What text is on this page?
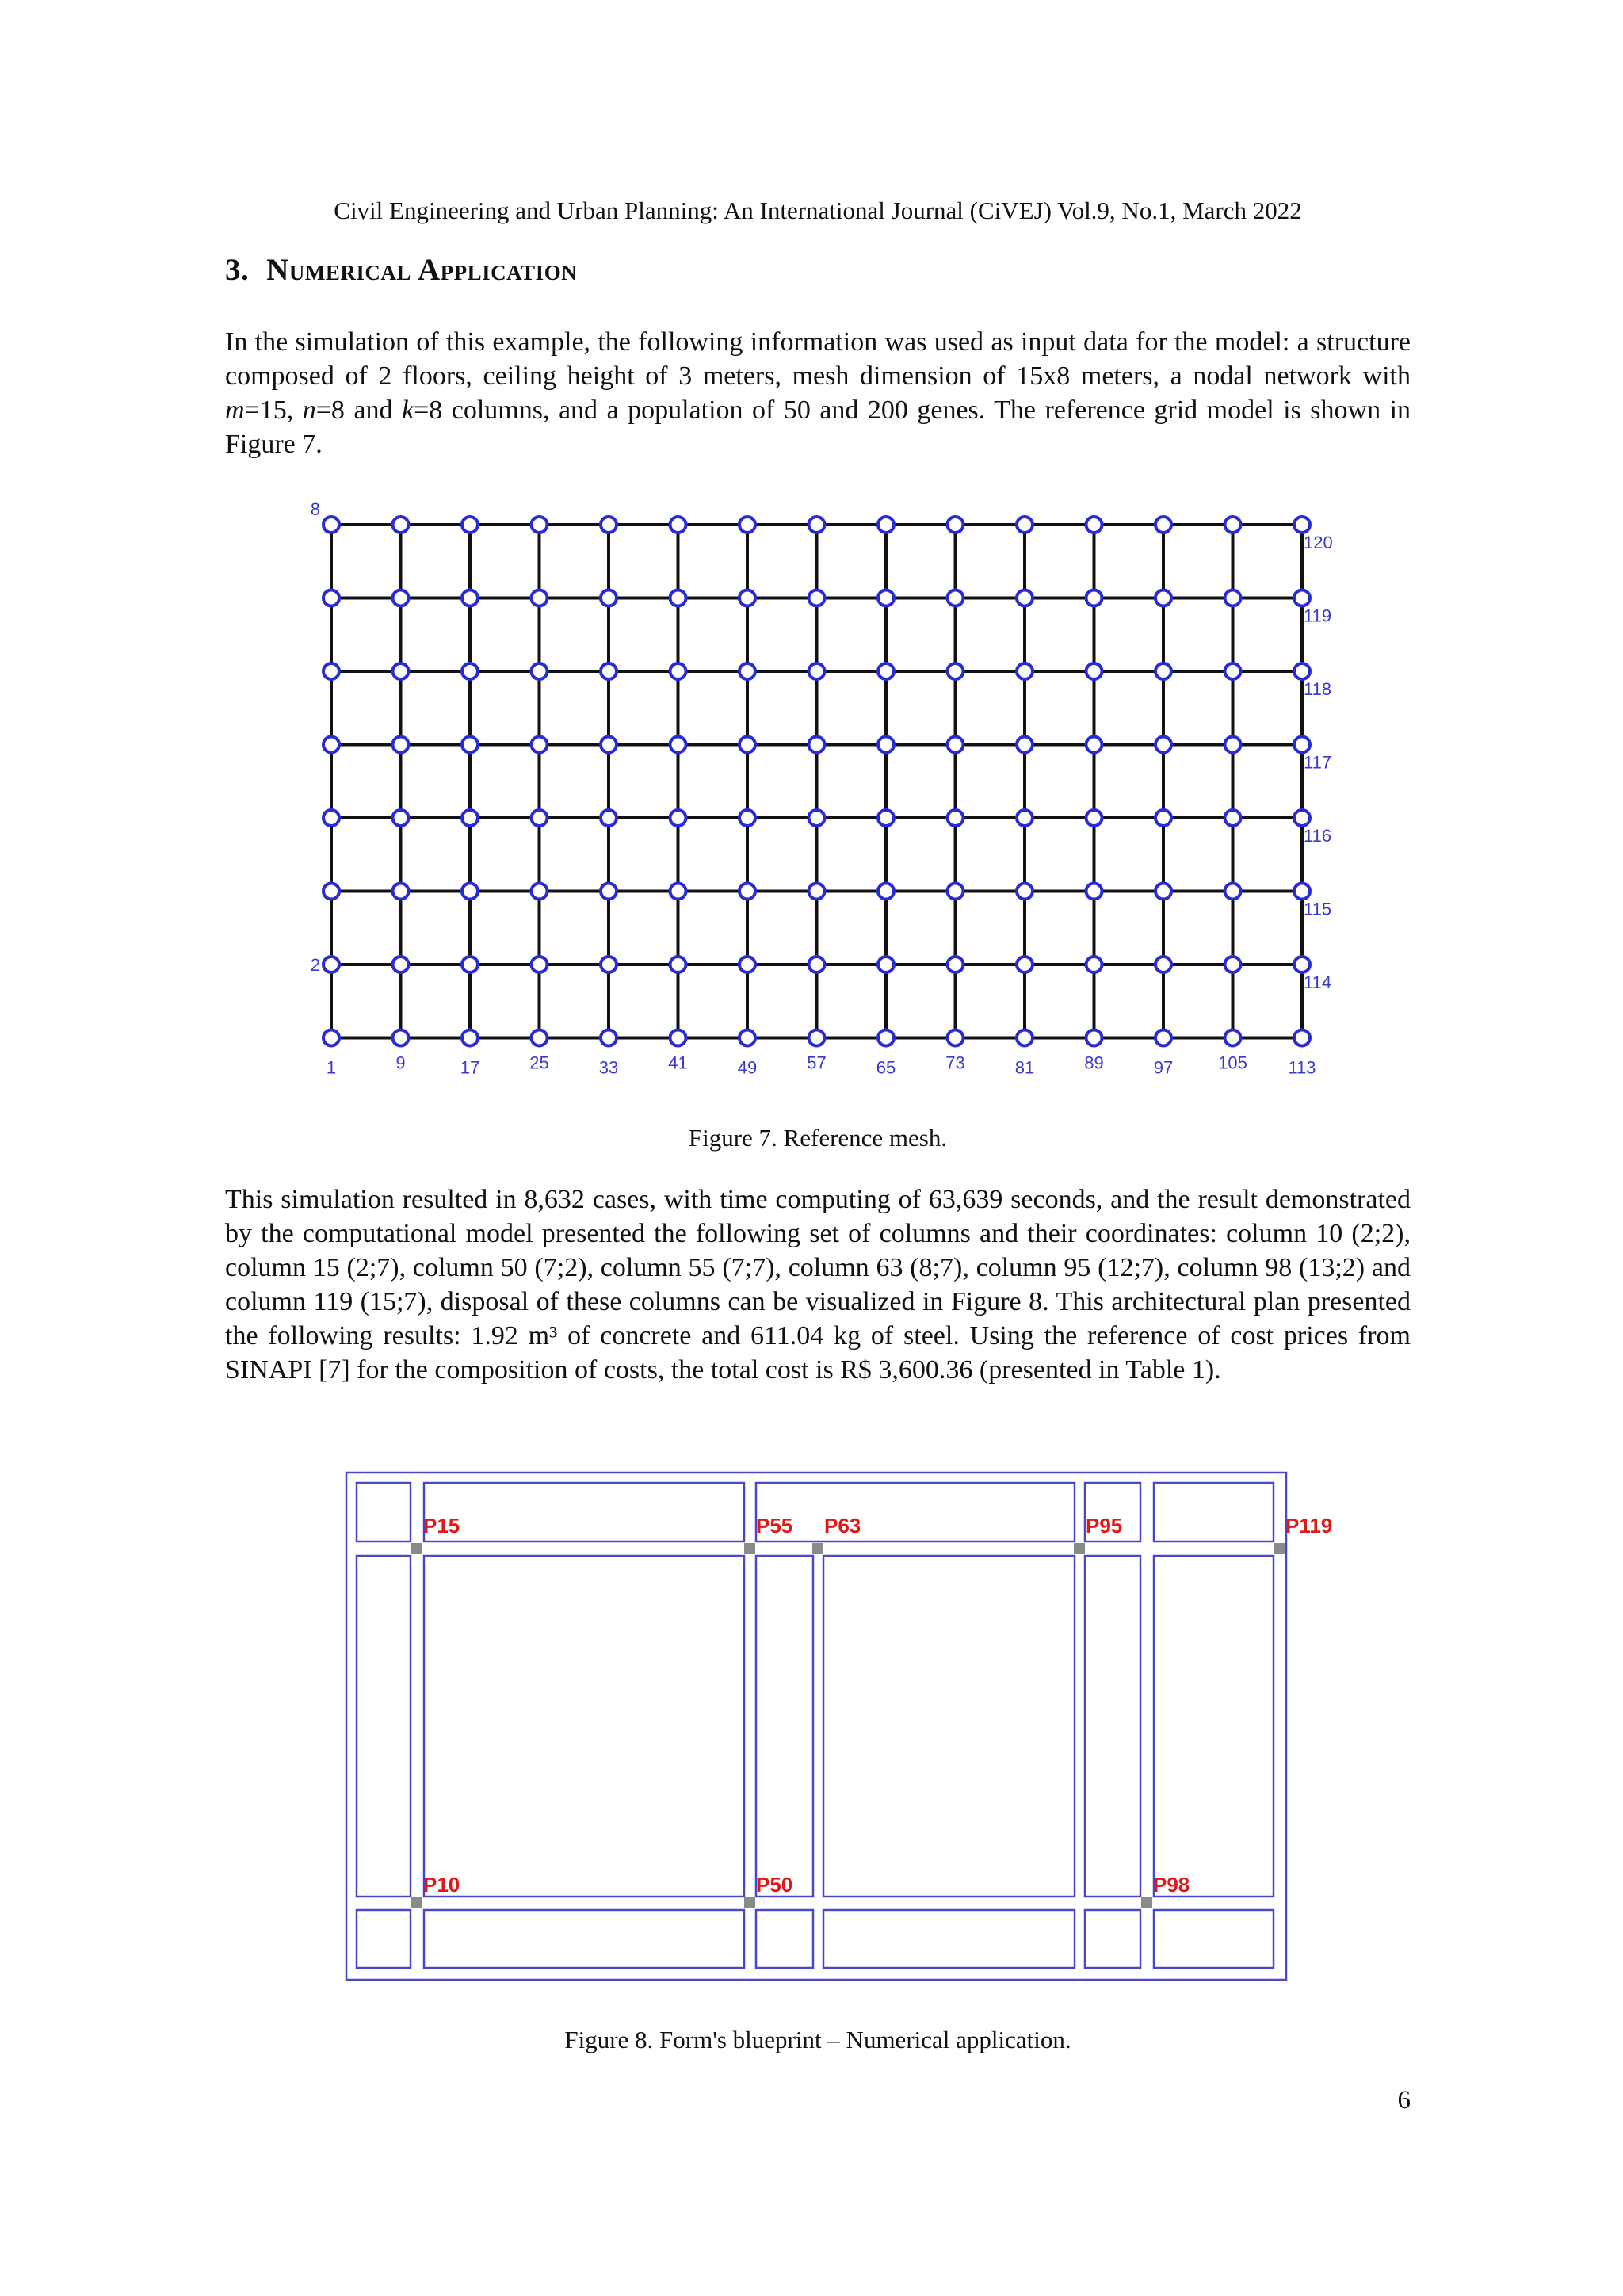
Civil Engineering and Urban Planning: An International Journal (CiVEJ) Vol.9, No.1, March 2022
3. Numerical Application

In the simulation of this example, the following information was used as input data for the model: a structure composed of 2 floors, ceiling height of 3 meters, mesh dimension of 15x8 meters, a nodal network with m=15, n=8 and k=8 columns, and a population of 50 and 200 genes. The reference grid model is shown in Figure 7.

8
2
1	9	17	25	33	41	49	57	65	73	81	89	97	105 113
120
119
118
117
116
115
114
Figure 7. Reference mesh.

This simulation resulted in 8,632 cases, with time computing of 63,639 seconds, and the result demonstrated by the computational model presented the following set of columns and their coordinates: column 10 (2;2), column 15 (2;7), column 50 (7;2), column 55 (7;7), column 63 (8;7), column 95 (12;7), column 98 (13;2) and column 119 (15;7), disposal of these columns can be visualized in Figure 8. This architectural plan presented the following results: 1.92 m³ of concrete and 611.04 kg of steel. Using the reference of cost prices from SINAPI [7] for the composition of costs, the total cost is R$ 3,600.36 (presented in Table 1).

P15	P55 P63	P95	P119
P10	P50	P98
Figure 8. Form's blueprint – Numerical application.
6
